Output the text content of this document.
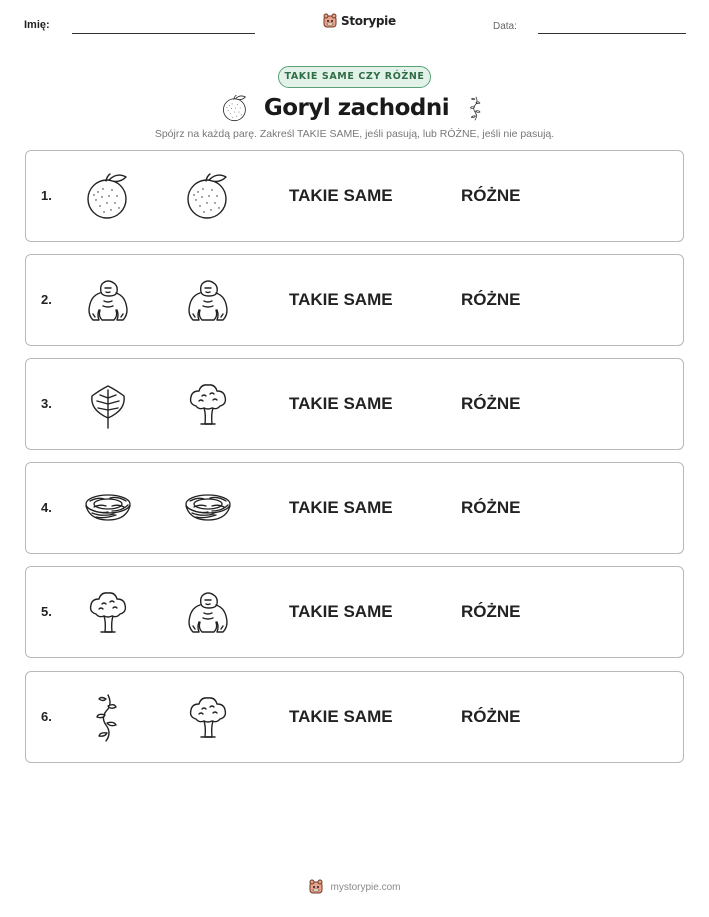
Imię:	Storypie	Data:
TAKIE SAME CZY RÓŻNE
Goryl zachodni
Spójrz na każdą parę. Zakreśl TAKIE SAME, jeśli pasują, lub RÓŻNE, jeśli nie pasują.
1.	TAKIE SAME	RÓŻNE
2.	TAKIE SAME	RÓŻNE
3.	TAKIE SAME	RÓŻNE
4.	TAKIE SAME	RÓŻNE
5.	TAKIE SAME	RÓŻNE
6.	TAKIE SAME	RÓŻNE
mystorypie.com
